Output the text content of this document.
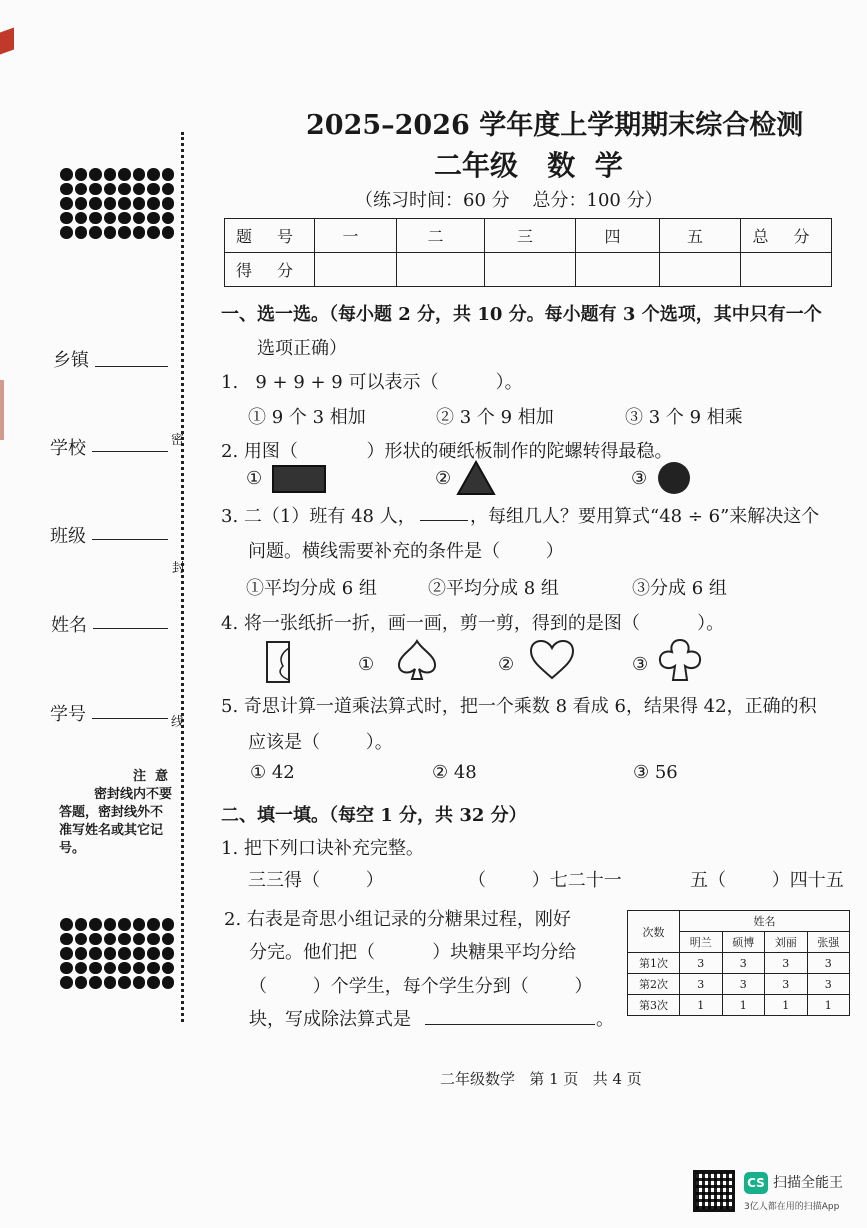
乡镇
学校
班级
姓名
学号
密
封
线
注  意
密封线内不要
答题，密封线外不
准写姓名或其它记
号。
2025–2026 学年度上学期期末综合检测
二年级   数  学
（练习时间：60 分    总分：100 分）
题 号	一	二	三	四	五	总 分
得 分						
一、选一选。（每小题 2 分，共 10 分。每小题有 3 个选项，其中只有一个
选项正确）
1.   9 + 9 + 9 可以表示（          ）。
① 9 个 3 相加	② 3 个 9 相加	③ 3 个 9 相乘
2. 用图（            ）形状的硬纸板制作的陀螺转得最稳。
①	②	③
3. 二（1）班有 48 人，	，每组几人？要用算式“48 ÷ 6”来解决这个
问题。横线需要补充的条件是（        ）
①平均分成 6 组	②平均分成 8 组	③分成 6 组
4. 将一张纸折一折，画一画，剪一剪，得到的是图（          ）。
①	②	③
5. 奇思计算一道乘法算式时，把一个乘数 8 看成 6，结果得 42，正确的积
应该是（        ）。
① 42	② 48	③ 56
二、填一填。（每空 1 分，共 32 分）
1. 把下列口诀补充完整。
三三得（        ）	（        ）七二十一	五（        ）四十五
2. 右表是奇思小组记录的分糖果过程，刚好
分完。他们把（          ）块糖果平均分给
（        ）个学生，每个学生分到（        ）
块，写成除法算式是	。
次数	姓名			
	明兰	硕博	刘丽	张强
第1次	3	3	3	3
第2次	3	3	3	3
第3次	1	1	1	1
二年级数学   第 1 页   共 4 页
CS 扫描全能王
3亿人都在用的扫描App
